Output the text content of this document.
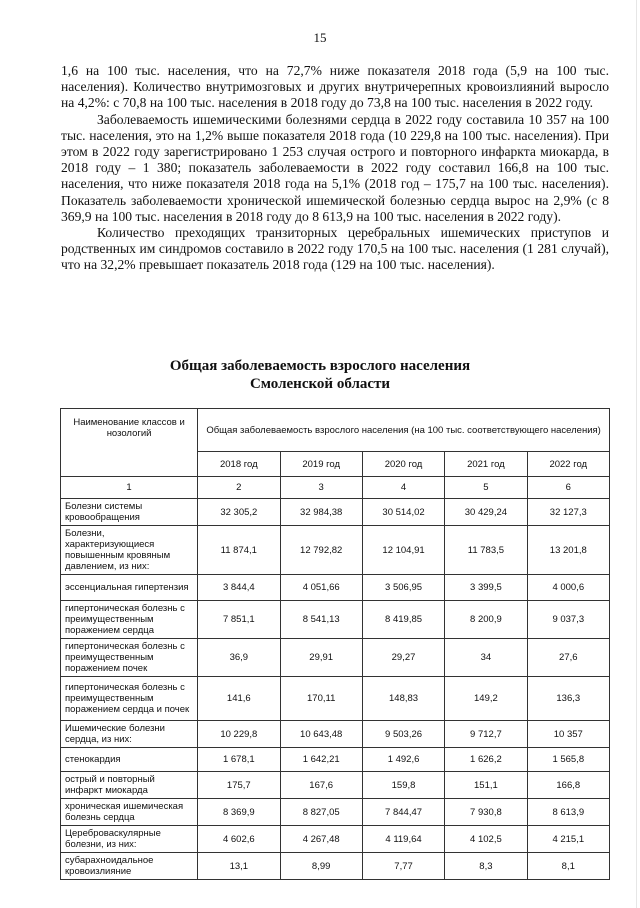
15

1,6 на 100 тыс. населения, что на 72,7% ниже показателя 2018 года (5,9 на 100 тыс. населения). Количество внутримозговых и других внутричерепных кровоизлияний выросло на 4,2%: с 70,8 на 100 тыс. населения в 2018 году до 73,8 на 100 тыс. населения в 2022 году.

Заболеваемость ишемическими болезнями сердца в 2022 году составила 10 357 на 100 тыс. населения, это на 1,2% выше показателя 2018 года (10 229,8 на 100 тыс. населения). При этом в 2022 году зарегистрировано 1 253 случая острого и повторного инфаркта миокарда, в 2018 году – 1 380; показатель заболеваемости в 2022 году составил 166,8 на 100 тыс. населения, что ниже показателя 2018 года на 5,1% (2018 год – 175,7 на 100 тыс. населения). Показатель заболеваемости хронической ишемической болезнью сердца вырос на 2,9% (с 8 369,9 на 100 тыс. населения в 2018 году до 8 613,9 на 100 тыс. населения в 2022 году).

Количество преходящих транзиторных церебральных ишемических приступов и родственных им синдромов составило в 2022 году 170,5 на 100 тыс. населения (1 281 случай), что на 32,2% превышает показатель 2018 года (129 на 100 тыс. населения).

Общая заболеваемость взрослого населения
Смоленской области
Наименование классов и нозологий	Общая заболеваемость взрослого населения (на 100 тыс. соответствующего населения)				
	2018 год	2019 год	2020 год	2021 год	2022 год
1	2	3	4	5	6
Болезни системы кровообращения	32 305,2	32 984,38	30 514,02	30 429,24	32 127,3
Болезни, характеризующиеся повышенным кровяным давлением, из них:	11 874,1	12 792,82	12 104,91	11 783,5	13 201,8
эссенциальная гипертензия	3 844,4	4 051,66	3 506,95	3 399,5	4 000,6
гипертоническая болезнь с преимущественным поражением сердца	7 851,1	8 541,13	8 419,85	8 200,9	9 037,3
гипертоническая болезнь с преимущественным поражением почек	36,9	29,91	29,27	34	27,6
гипертоническая болезнь с преимущественным поражением сердца и почек	141,6	170,11	148,83	149,2	136,3
Ишемические болезни сердца, из них:	10 229,8	10 643,48	9 503,26	9 712,7	10 357
стенокардия	1 678,1	1 642,21	1 492,6	1 626,2	1 565,8
острый и повторный инфаркт миокарда	175,7	167,6	159,8	151,1	166,8
хроническая ишемическая болезнь сердца	8 369,9	8 827,05	7 844,47	7 930,8	8 613,9
Цереброваскулярные болезни, из них:	4 602,6	4 267,48	4 119,64	4 102,5	4 215,1
субарахноидальное кровоизлияние	13,1	8,99	7,77	8,3	8,1
